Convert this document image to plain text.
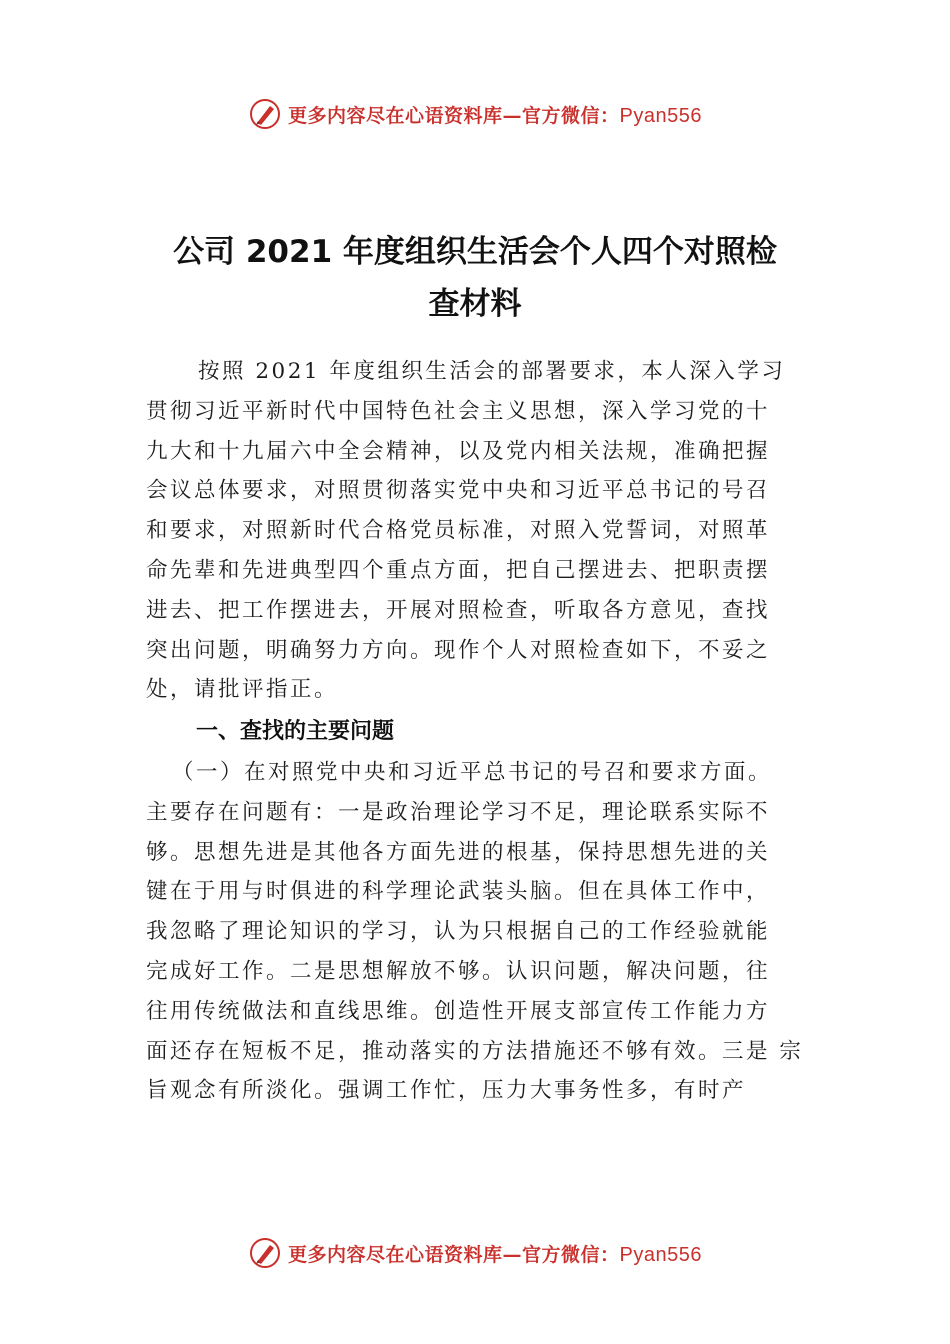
更多内容尽在心语资料库—官方微信：Pyan556
公司 2021 年度组织生活会个人四个对照检
查材料
按照 2021 年度组织生活会的部署要求，本人深入学习
贯彻习近平新时代中国特色社会主义思想，深入学习党的十
九大和十九届六中全会精神，以及党内相关法规，准确把握
会议总体要求，对照贯彻落实党中央和习近平总书记的号召
和要求，对照新时代合格党员标准，对照入党誓词，对照革
命先辈和先进典型四个重点方面，把自己摆进去、把职责摆
进去、把工作摆进去，开展对照检查，听取各方意见，查找
突出问题，明确努力方向。现作个人对照检查如下，不妥之
处，请批评指正。
一、查找的主要问题
（一）在对照党中央和习近平总书记的号召和要求方面。
主要存在问题有：一是政治理论学习不足，理论联系实际不
够。思想先进是其他各方面先进的根基，保持思想先进的关
键在于用与时俱进的科学理论武装头脑。但在具体工作中，
我忽略了理论知识的学习，认为只根据自己的工作经验就能
完成好工作。二是思想解放不够。认识问题，解决问题，往
往用传统做法和直线思维。创造性开展支部宣传工作能力方
面还存在短板不足，推动落实的方法措施还不够有效。三是 宗
旨观念有所淡化。强调工作忙，压力大事务性多，有时产
更多内容尽在心语资料库—官方微信：Pyan556
